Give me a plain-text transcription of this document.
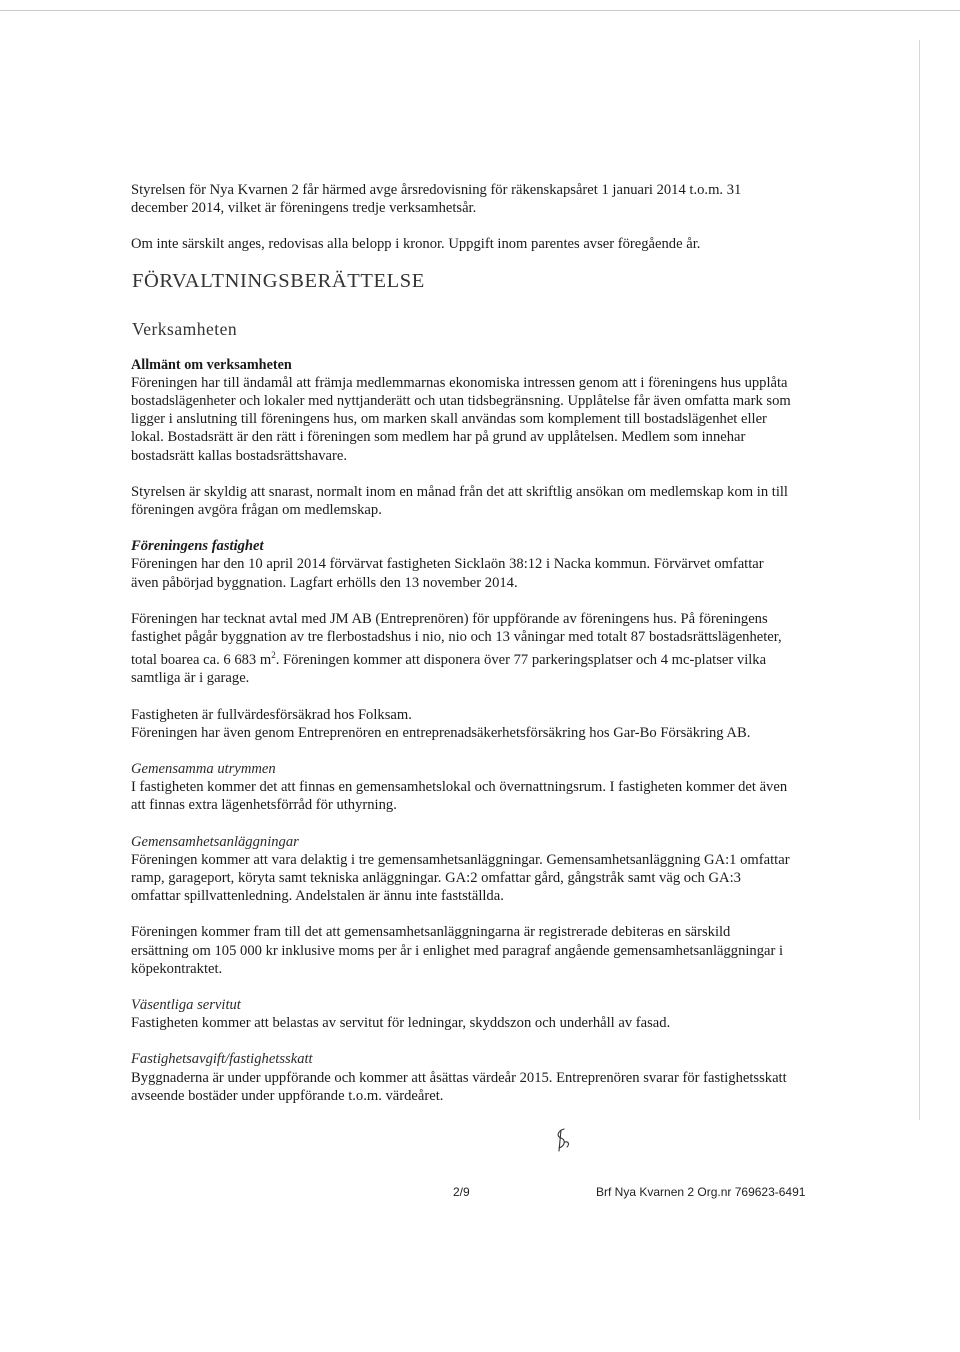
Styrelsen för Nya Kvarnen 2 får härmed avge årsredovisning för räkenskapsåret 1 januari 2014 t.o.m. 31 december 2014, vilket är föreningens tredje verksamhetsår.

Om inte särskilt anges, redovisas alla belopp i kronor. Uppgift inom parentes avser föregående år.

FÖRVALTNINGSBERÄTTELSE
Verksamheten

Allmänt om verksamheten

Föreningen har till ändamål att främja medlemmarnas ekonomiska intressen genom att i föreningens hus upplåta bostadslägenheter och lokaler med nyttjanderätt och utan tidsbegränsning. Upplåtelse får även omfatta mark som ligger i anslutning till föreningens hus, om marken skall användas som komplement till bostadslägenhet eller lokal. Bostadsrätt är den rätt i föreningen som medlem har på grund av upplåtelsen. Medlem som innehar bostadsrätt kallas bostadsrättshavare.

Styrelsen är skyldig att snarast, normalt inom en månad från det att skriftlig ansökan om medlemskap kom in till föreningen avgöra frågan om medlemskap.

Föreningens fastighet

Föreningen har den 10 april 2014 förvärvat fastigheten Sicklaön 38:12 i Nacka kommun. Förvärvet omfattar även påbörjad byggnation. Lagfart erhölls den 13 november 2014.

Föreningen har tecknat avtal med JM AB (Entreprenören) för uppförande av föreningens hus. På föreningens fastighet pågår byggnation av tre flerbostadshus i nio, nio och 13 våningar med totalt 87 bostadsrättslägenheter, total boarea ca. 6 683 $m^2$. Föreningen kommer att disponera över 77 parkeringsplatser och 4 mc-platser vilka samtliga är i garage.

Fastigheten är fullvärdesförsäkrad hos Folksam.

Föreningen har även genom Entreprenören en entreprenadsäkerhetsförsäkring hos Gar-Bo Försäkring AB.

Gemensamma utrymmen

I fastigheten kommer det att finnas en gemensamhetslokal och övernattningsrum. I fastigheten kommer det även att finnas extra lägenhetsförråd för uthyrning.

Gemensamhetsanläggningar

Föreningen kommer att vara delaktig i tre gemensamhetsanläggningar. Gemensamhetsanläggning GA:1 omfattar ramp, garageport, köryta samt tekniska anläggningar. GA:2 omfattar gård, gångstråk samt väg och GA:3 omfattar spillvattenledning. Andelstalen är ännu inte fastställda.

Föreningen kommer fram till det att gemensamhetsanläggningarna är registrerade debiteras en särskild ersättning om 105 000 kr inklusive moms per år i enlighet med paragraf angående gemensamhetsanläggningar i köpekontraktet.

Väsentliga servitut

Fastigheten kommer att belastas av servitut för ledningar, skyddszon och underhåll av fasad.

Fastighetsavgift/fastighetsskatt

Byggnaderna är under uppförande och kommer att åsättas värdeår 2015. Entreprenören svarar för fastighetsskatt avseende bostäder under uppförande t.o.m. värdeåret.

2/9	Brf Nya Kvarnen 2 Org.nr 769623-6491
